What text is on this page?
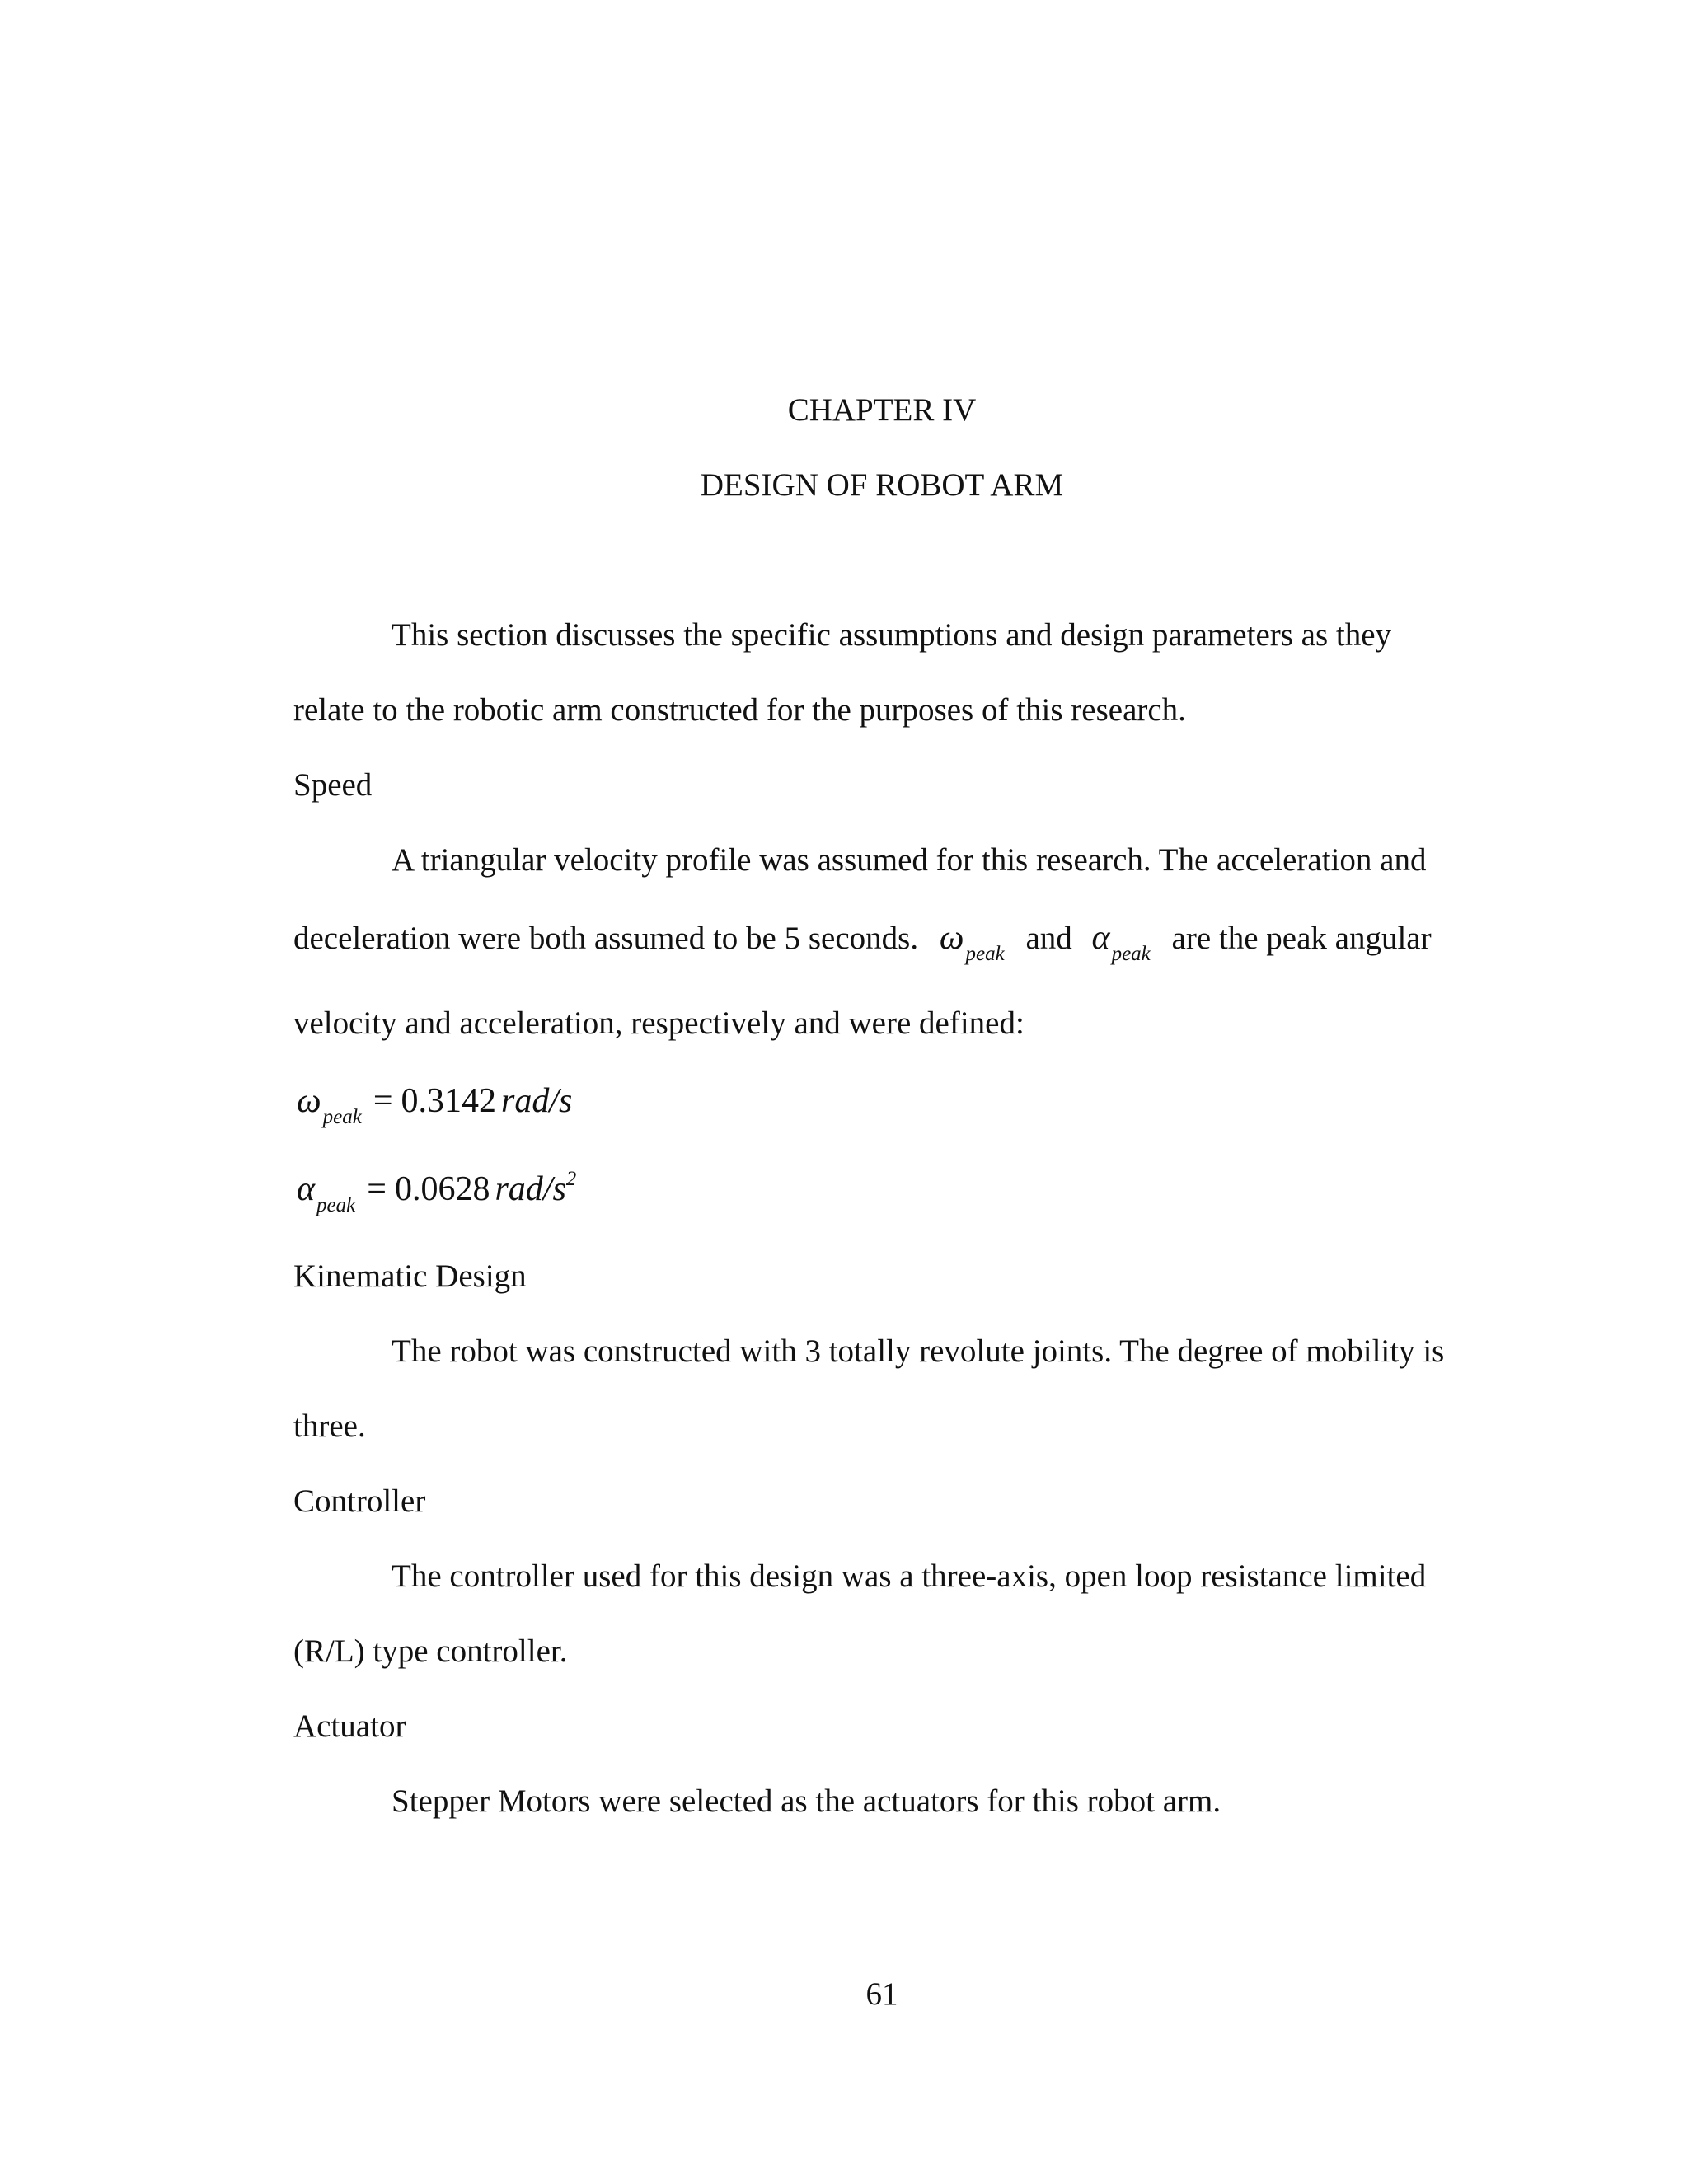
CHAPTER IV
DESIGN OF ROBOT ARM
This section discusses the specific assumptions and design parameters as they
relate to the robotic arm constructed for the purposes of this research.
Speed
A triangular velocity profile was assumed for this research. The acceleration and
deceleration were both assumed to be 5 seconds. $\omega_{peak}$ and $\alpha_{peak}$ are the peak angular
velocity and acceleration, respectively and were defined:
$\omega_{peak} = 0.3142$ rad/s
$\alpha_{peak} = 0.0628$ rad/$s^2$
Kinematic Design
The robot was constructed with 3 totally revolute joints. The degree of mobility is
three.
Controller
The controller used for this design was a three-axis, open loop resistance limited
(R/L) type controller.
Actuator
Stepper Motors were selected as the actuators for this robot arm.
61
